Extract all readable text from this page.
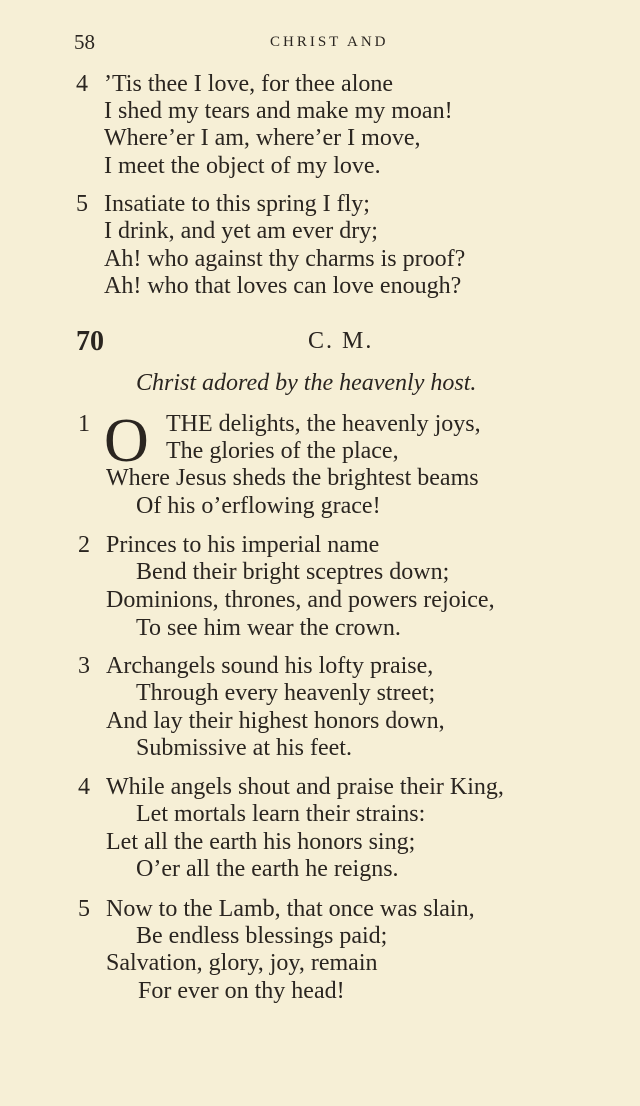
58	CHRIST AND
4 ’Tis thee I love, for thee alone
I shed my tears and make my moan!
Where’er I am, where’er I move,
I meet the object of my love.
5 Insatiate to this spring I fly;
I drink, and yet am ever dry;
Ah! who against thy charms is proof?
Ah! who that loves can love enough?
70	C. M.
Christ adored by the heavenly host.
1 O THE delights, the heavenly joys,
The glories of the place,
Where Jesus sheds the brightest beams
Of his o’erflowing grace!
2 Princes to his imperial name
Bend their bright sceptres down;
Dominions, thrones, and powers rejoice,
To see him wear the crown.
3 Archangels sound his lofty praise,
Through every heavenly street;
And lay their highest honors down,
Submissive at his feet.
4 While angels shout and praise their King,
Let mortals learn their strains:
Let all the earth his honors sing;
O’er all the earth he reigns.
5 Now to the Lamb, that once was slain,
Be endless blessings paid;
Salvation, glory, joy, remain
For ever on thy head!
